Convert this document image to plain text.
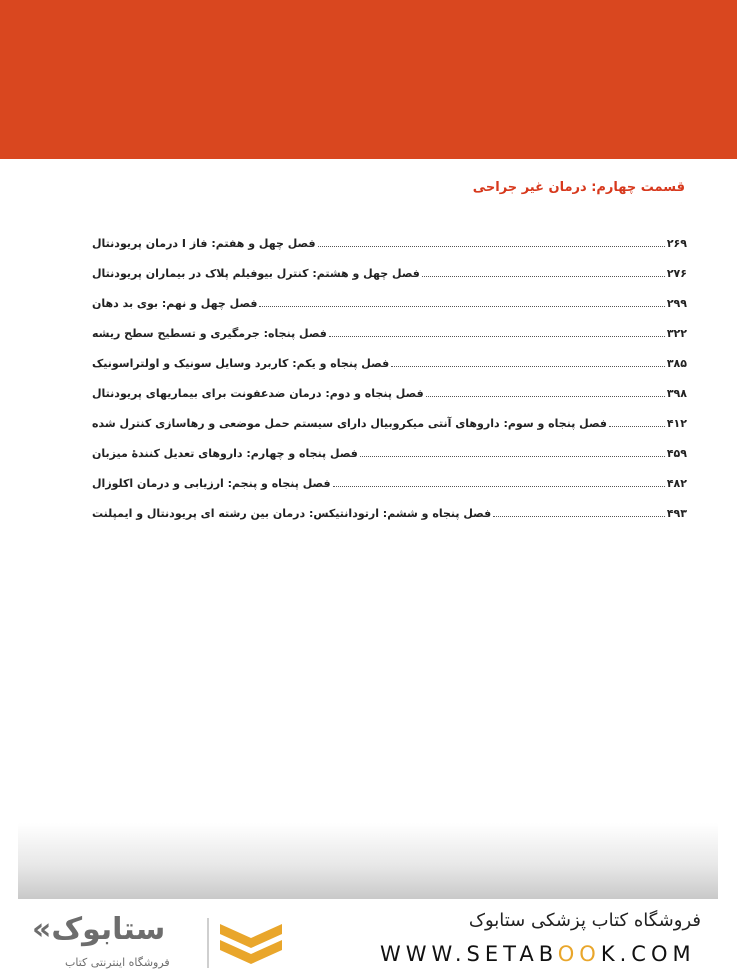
قسمت چهارم: درمان غیر جراحی
فصل چهل و هفتم: فاز I درمان پریودنتال	۲۶۹
فصل چهل و هشتم: کنترل بیوفیلم پلاک در بیماران پریودنتال	۲۷۶
فصل چهل و نهم: بوی بد دهان	۲۹۹
فصل پنجاه: جرمگیری و تسطیح سطح ریشه	۳۲۲
فصل پنجاه و یکم: کاربرد وسایل سونیک و اولتراسونیک	۳۸۵
فصل پنجاه و دوم: درمان ضدعفونت برای بیماریهای پریودنتال	۳۹۸
فصل پنجاه و سوم: داروهای آنتی میکروبیال دارای سیستم حمل موضعی و رهاسازی کنترل شده	۴۱۲
فصل پنجاه و چهارم: داروهای تعدیل کنندهٔ میزبان	۴۵۹
فصل پنجاه و پنجم: ارزیابی و درمان اکلوزال	۴۸۲
فصل پنجاه و ششم: ارتودانتیکس: درمان بین رشته ای پریودنتال و ایمپلنت	۴۹۳
فروشگاه کتاب پزشکی ستابوک
WWW.SETABOOK.COM
«ستابوک
فروشگاه اینترنتی کتاب
